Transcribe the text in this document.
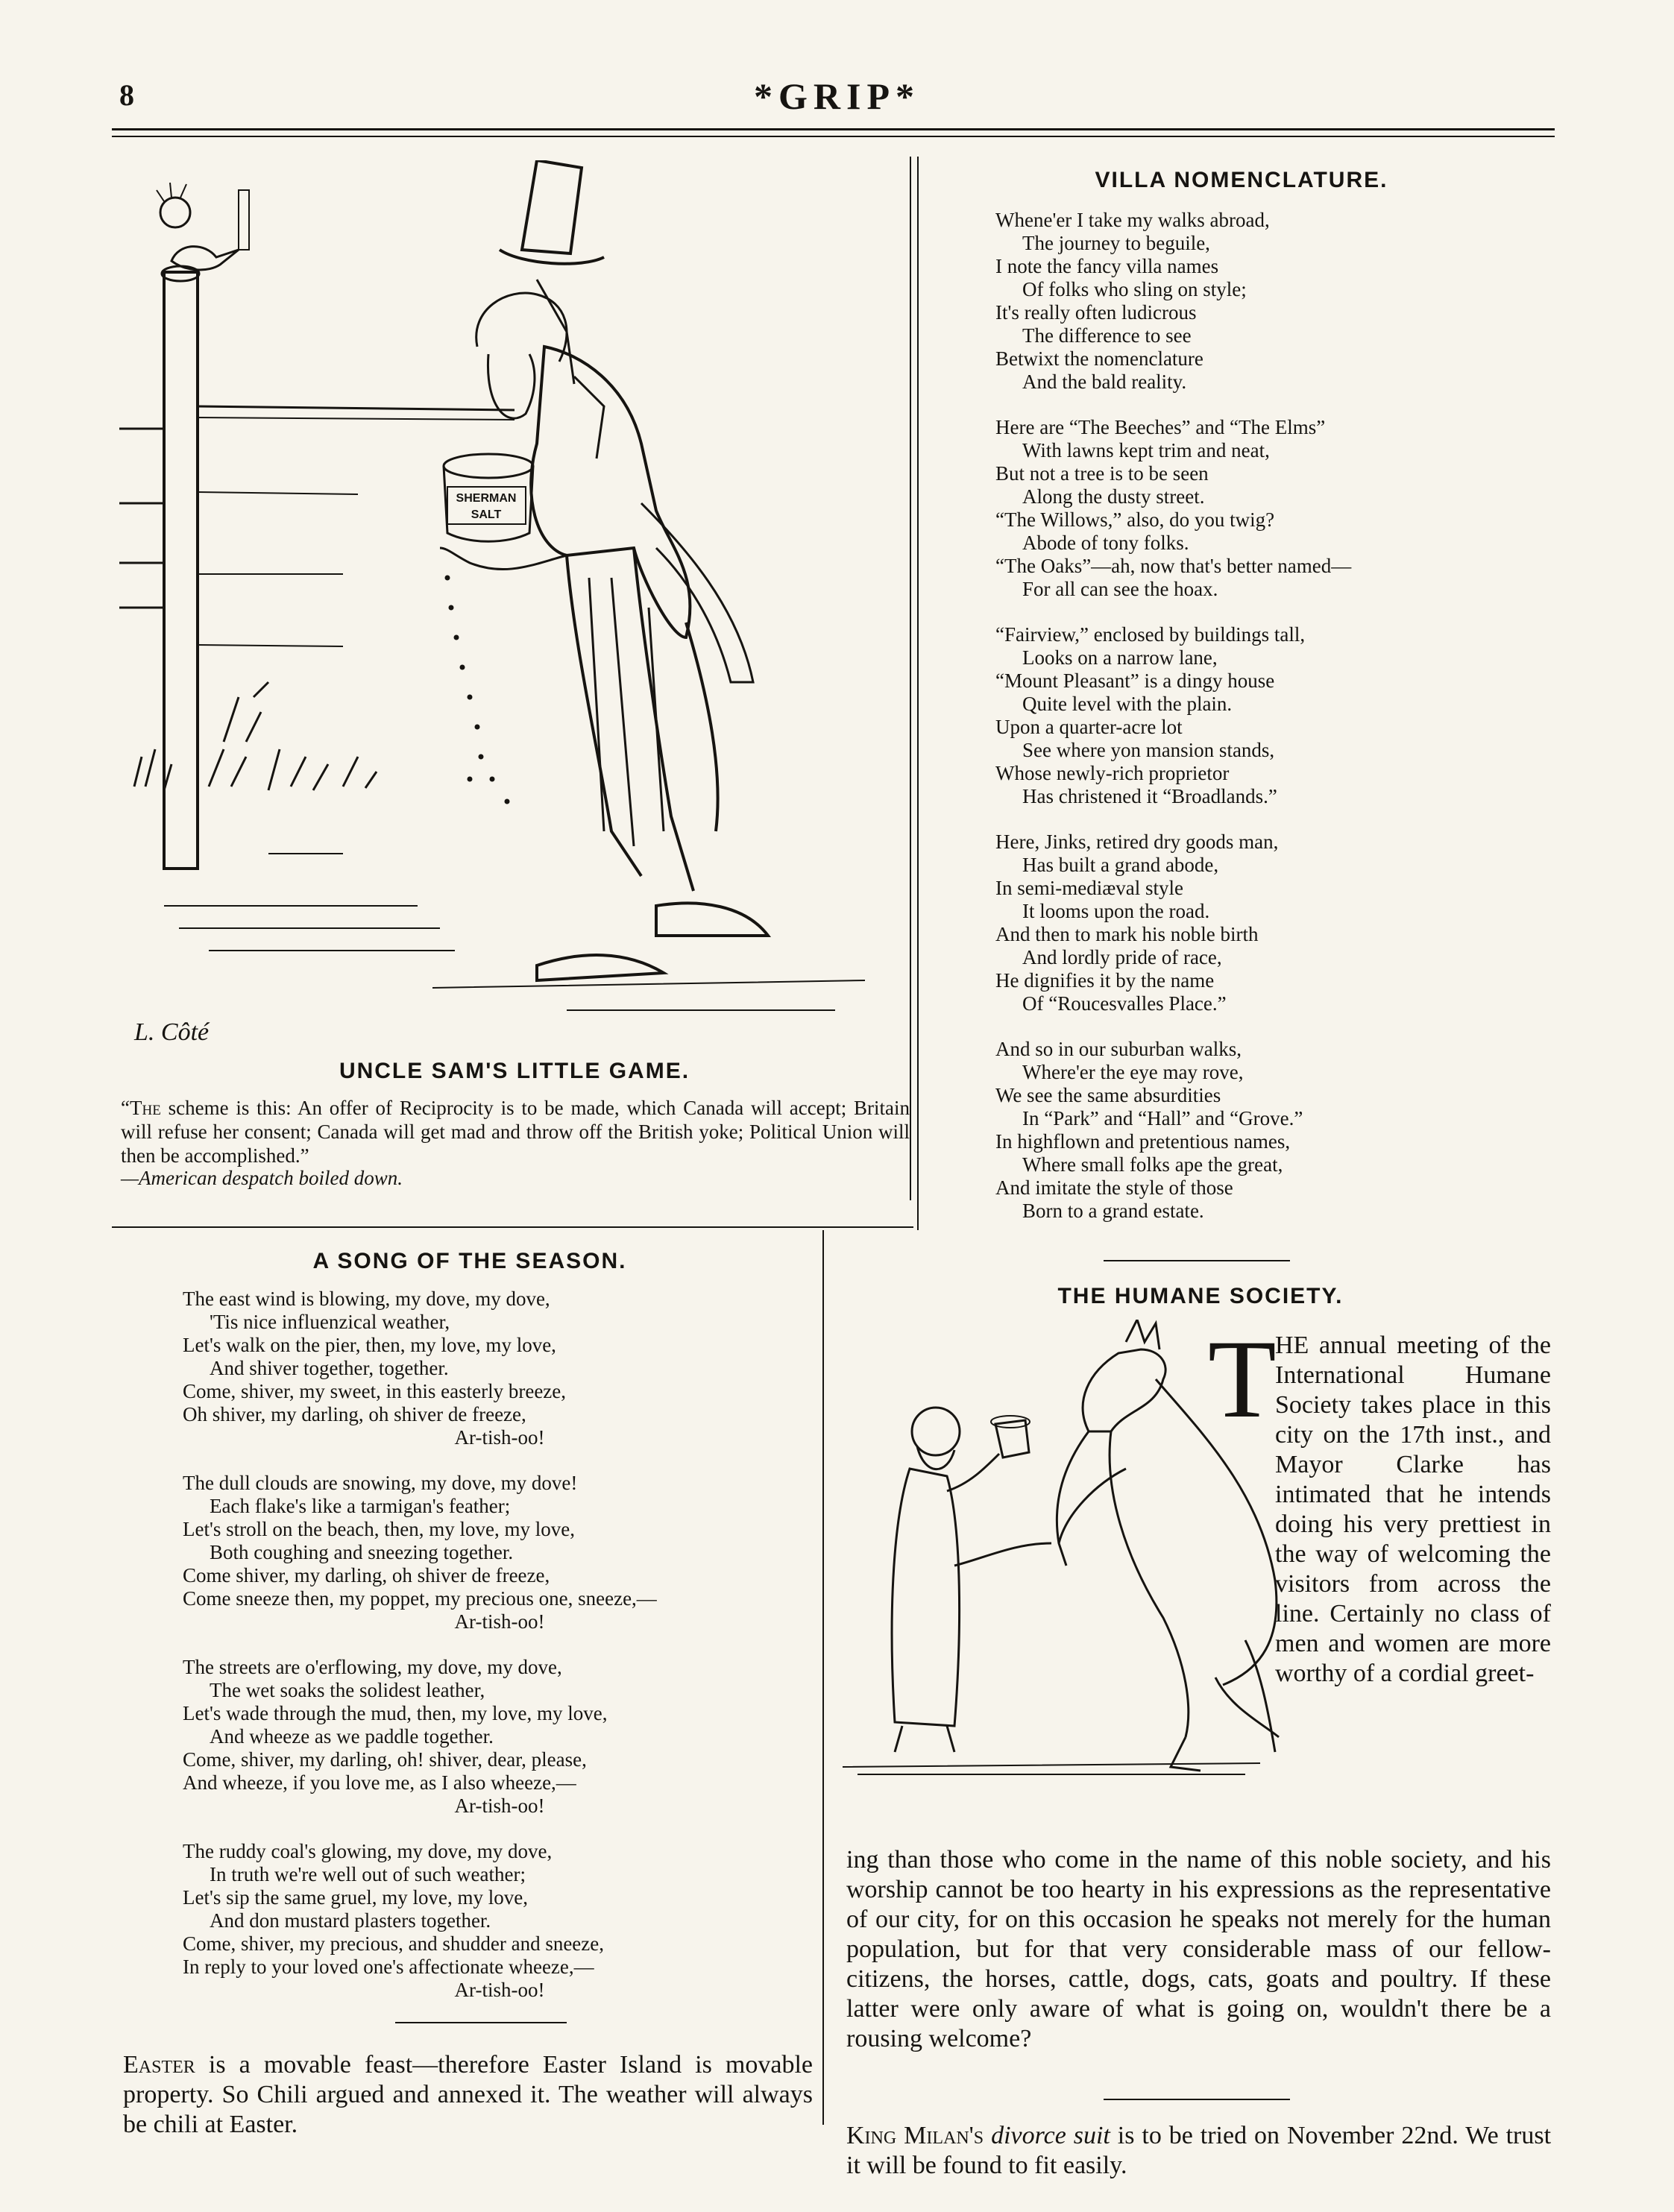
8	*GRIP*
SHERMAN
SALT
L. Côté
UNCLE SAM'S LITTLE GAME.
“The scheme is this: An offer of Reciprocity is to be made, which Canada will accept; Britain will refuse her consent; Canada will get mad and throw off the British yoke; Political Union will then be accomplished.”
—American despatch boiled down.
VILLA NOMENCLATURE.
Whene'er I take my walks abroad,
The journey to beguile,
I note the fancy villa names
Of folks who sling on style;
It's really often ludicrous
The difference to see
Betwixt the nomenclature
And the bald reality.
Here are “The Beeches” and “The Elms”
With lawns kept trim and neat,
But not a tree is to be seen
Along the dusty street.
“The Willows,” also, do you twig?
Abode of tony folks.
“The Oaks”—ah, now that's better named—
For all can see the hoax.
“Fairview,” enclosed by buildings tall,
Looks on a narrow lane,
“Mount Pleasant” is a dingy house
Quite level with the plain.
Upon a quarter-acre lot
See where yon mansion stands,
Whose newly-rich proprietor
Has christened it “Broadlands.”
Here, Jinks, retired dry goods man,
Has built a grand abode,
In semi-mediæval style
It looms upon the road.
And then to mark his noble birth
And lordly pride of race,
He dignifies it by the name
Of “Roucesvalles Place.”
And so in our suburban walks,
Where'er the eye may rove,
We see the same absurdities
In “Park” and “Hall” and “Grove.”
In highflown and pretentious names,
Where small folks ape the great,
And imitate the style of those
Born to a grand estate.
THE HUMANE SOCIETY.
T
HE annual meeting of the International Humane Society takes place in this city on the 17th inst., and Mayor Clarke has intimated that he intends doing his very prettiest in the way of welcoming the visitors from across the line. Certainly no class of men and women are more worthy of a cordial greet-
ing than those who come in the name of this noble society, and his worship cannot be too hearty in his expressions as the representative of our city, for on this occasion he speaks not merely for the human population, but for that very considerable mass of our fellow-citizens, the horses, cattle, dogs, cats, goats and poultry. If these latter were only aware of what is going on, wouldn't there be a rousing welcome?
King Milan's divorce suit is to be tried on November 22nd. We trust it will be found to fit easily.
A SONG OF THE SEASON.
The east wind is blowing, my dove, my dove,
'Tis nice influenzical weather,
Let's walk on the pier, then, my love, my love,
And shiver together, together.
Come, shiver, my sweet, in this easterly breeze,
Oh shiver, my darling, oh shiver de freeze,
Ar-tish-oo!
The dull clouds are snowing, my dove, my dove!
Each flake's like a tarmigan's feather;
Let's stroll on the beach, then, my love, my love,
Both coughing and sneezing together.
Come shiver, my darling, oh shiver de freeze,
Come sneeze then, my poppet, my precious one, sneeze,—
Ar-tish-oo!
The streets are o'erflowing, my dove, my dove,
The wet soaks the solidest leather,
Let's wade through the mud, then, my love, my love,
And wheeze as we paddle together.
Come, shiver, my darling, oh! shiver, dear, please,
And wheeze, if you love me, as I also wheeze,—
Ar-tish-oo!
The ruddy coal's glowing, my dove, my dove,
In truth we're well out of such weather;
Let's sip the same gruel, my love, my love,
And don mustard plasters together.
Come, shiver, my precious, and shudder and sneeze,
In reply to your loved one's affectionate wheeze,—
Ar-tish-oo!
Easter is a movable feast—therefore Easter Island is movable property. So Chili argued and annexed it. The weather will always be chili at Easter.
